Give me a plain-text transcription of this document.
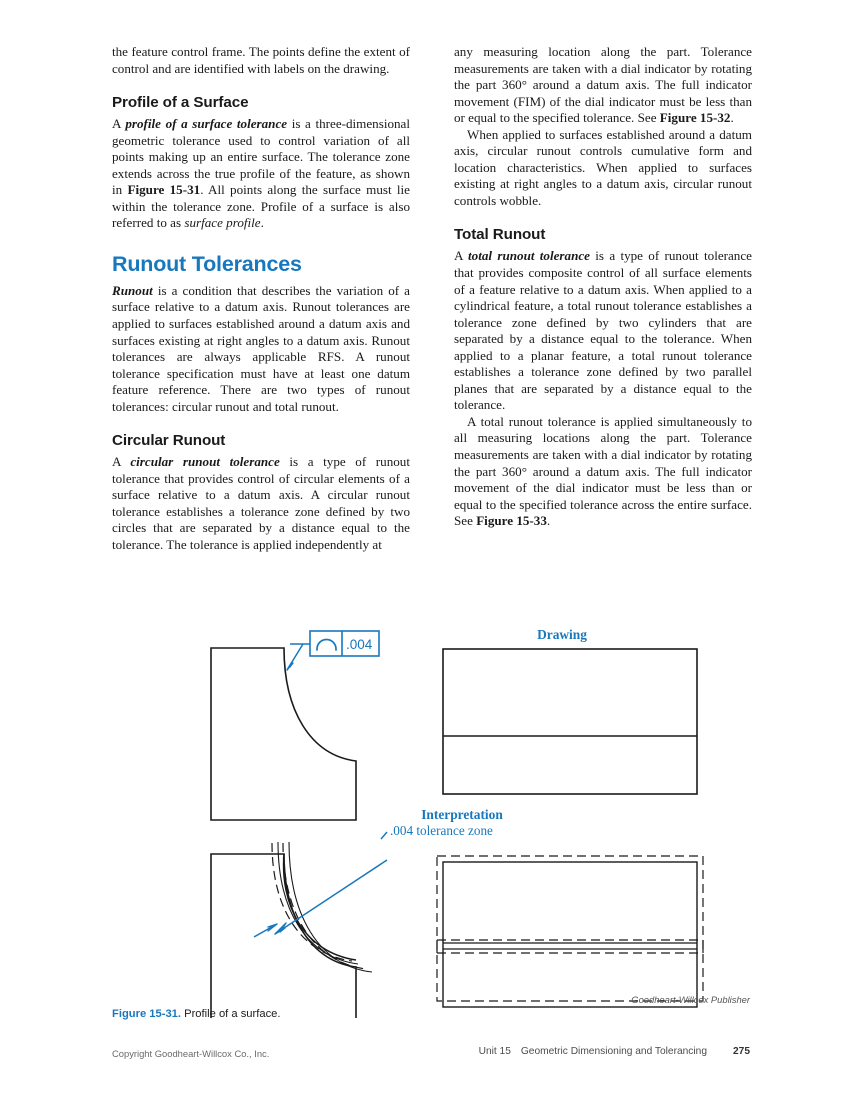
the feature control frame. The points define the extent of control and are identified with labels on the drawing.

Profile of a Surface

A profile of a surface tolerance is a three-dimensional geometric tolerance used to control variation of all points making up an entire surface. The tolerance zone extends across the true profile of the feature, as shown in Figure 15-31. All points along the surface must lie within the tolerance zone. Profile of a surface is also referred to as surface profile.

Runout Tolerances

Runout is a condition that describes the variation of a surface relative to a datum axis. Runout tolerances are applied to surfaces established around a datum axis and surfaces existing at right angles to a datum axis. Runout tolerances are always applicable RFS. A runout tolerance specification must have at least one datum feature reference. There are two types of runout tolerances: circular runout and total runout.

Circular Runout

A circular runout tolerance is a type of runout tolerance that provides control of circular elements of a surface relative to a datum axis. A circular runout tolerance establishes a tolerance zone defined by two circles that are separated by a distance equal to the tolerance. The tolerance is applied independently at

any measuring location along the part. Tolerance measurements are taken with a dial indicator by rotating the part 360° around a datum axis. The full indicator movement (FIM) of the dial indicator must be less than or equal to the specified tolerance. See Figure 15-32.

When applied to surfaces established around a datum axis, circular runout controls cumulative form and location characteristics. When applied to surfaces existing at right angles to a datum axis, circular runout controls wobble.

Total Runout

A total runout tolerance is a type of runout tolerance that provides composite control of all surface elements of a feature relative to a datum axis. When applied to a cylindrical feature, a total runout tolerance establishes a tolerance zone defined by two cylinders that are separated by a distance equal to the tolerance. When applied to a planar feature, a total runout tolerance establishes a tolerance zone defined by two parallel planes that are separated by a distance equal to the tolerance.

A total runout tolerance is applied simultaneously to all measuring locations along the part. Tolerance measurements are taken with a dial indicator by rotating the part 360° around a datum axis. The full indicator movement of the dial indicator must be less than or equal to the specified tolerance across the entire surface. See Figure 15-33.

.004
Drawing
Interpretation
.004 tolerance zone
Goodheart-Willcox Publisher
Figure 15-31. Profile of a surface.
Copyright Goodheart-Willcox Co., Inc.	Unit 15 Geometric Dimensioning and Tolerancing	275
